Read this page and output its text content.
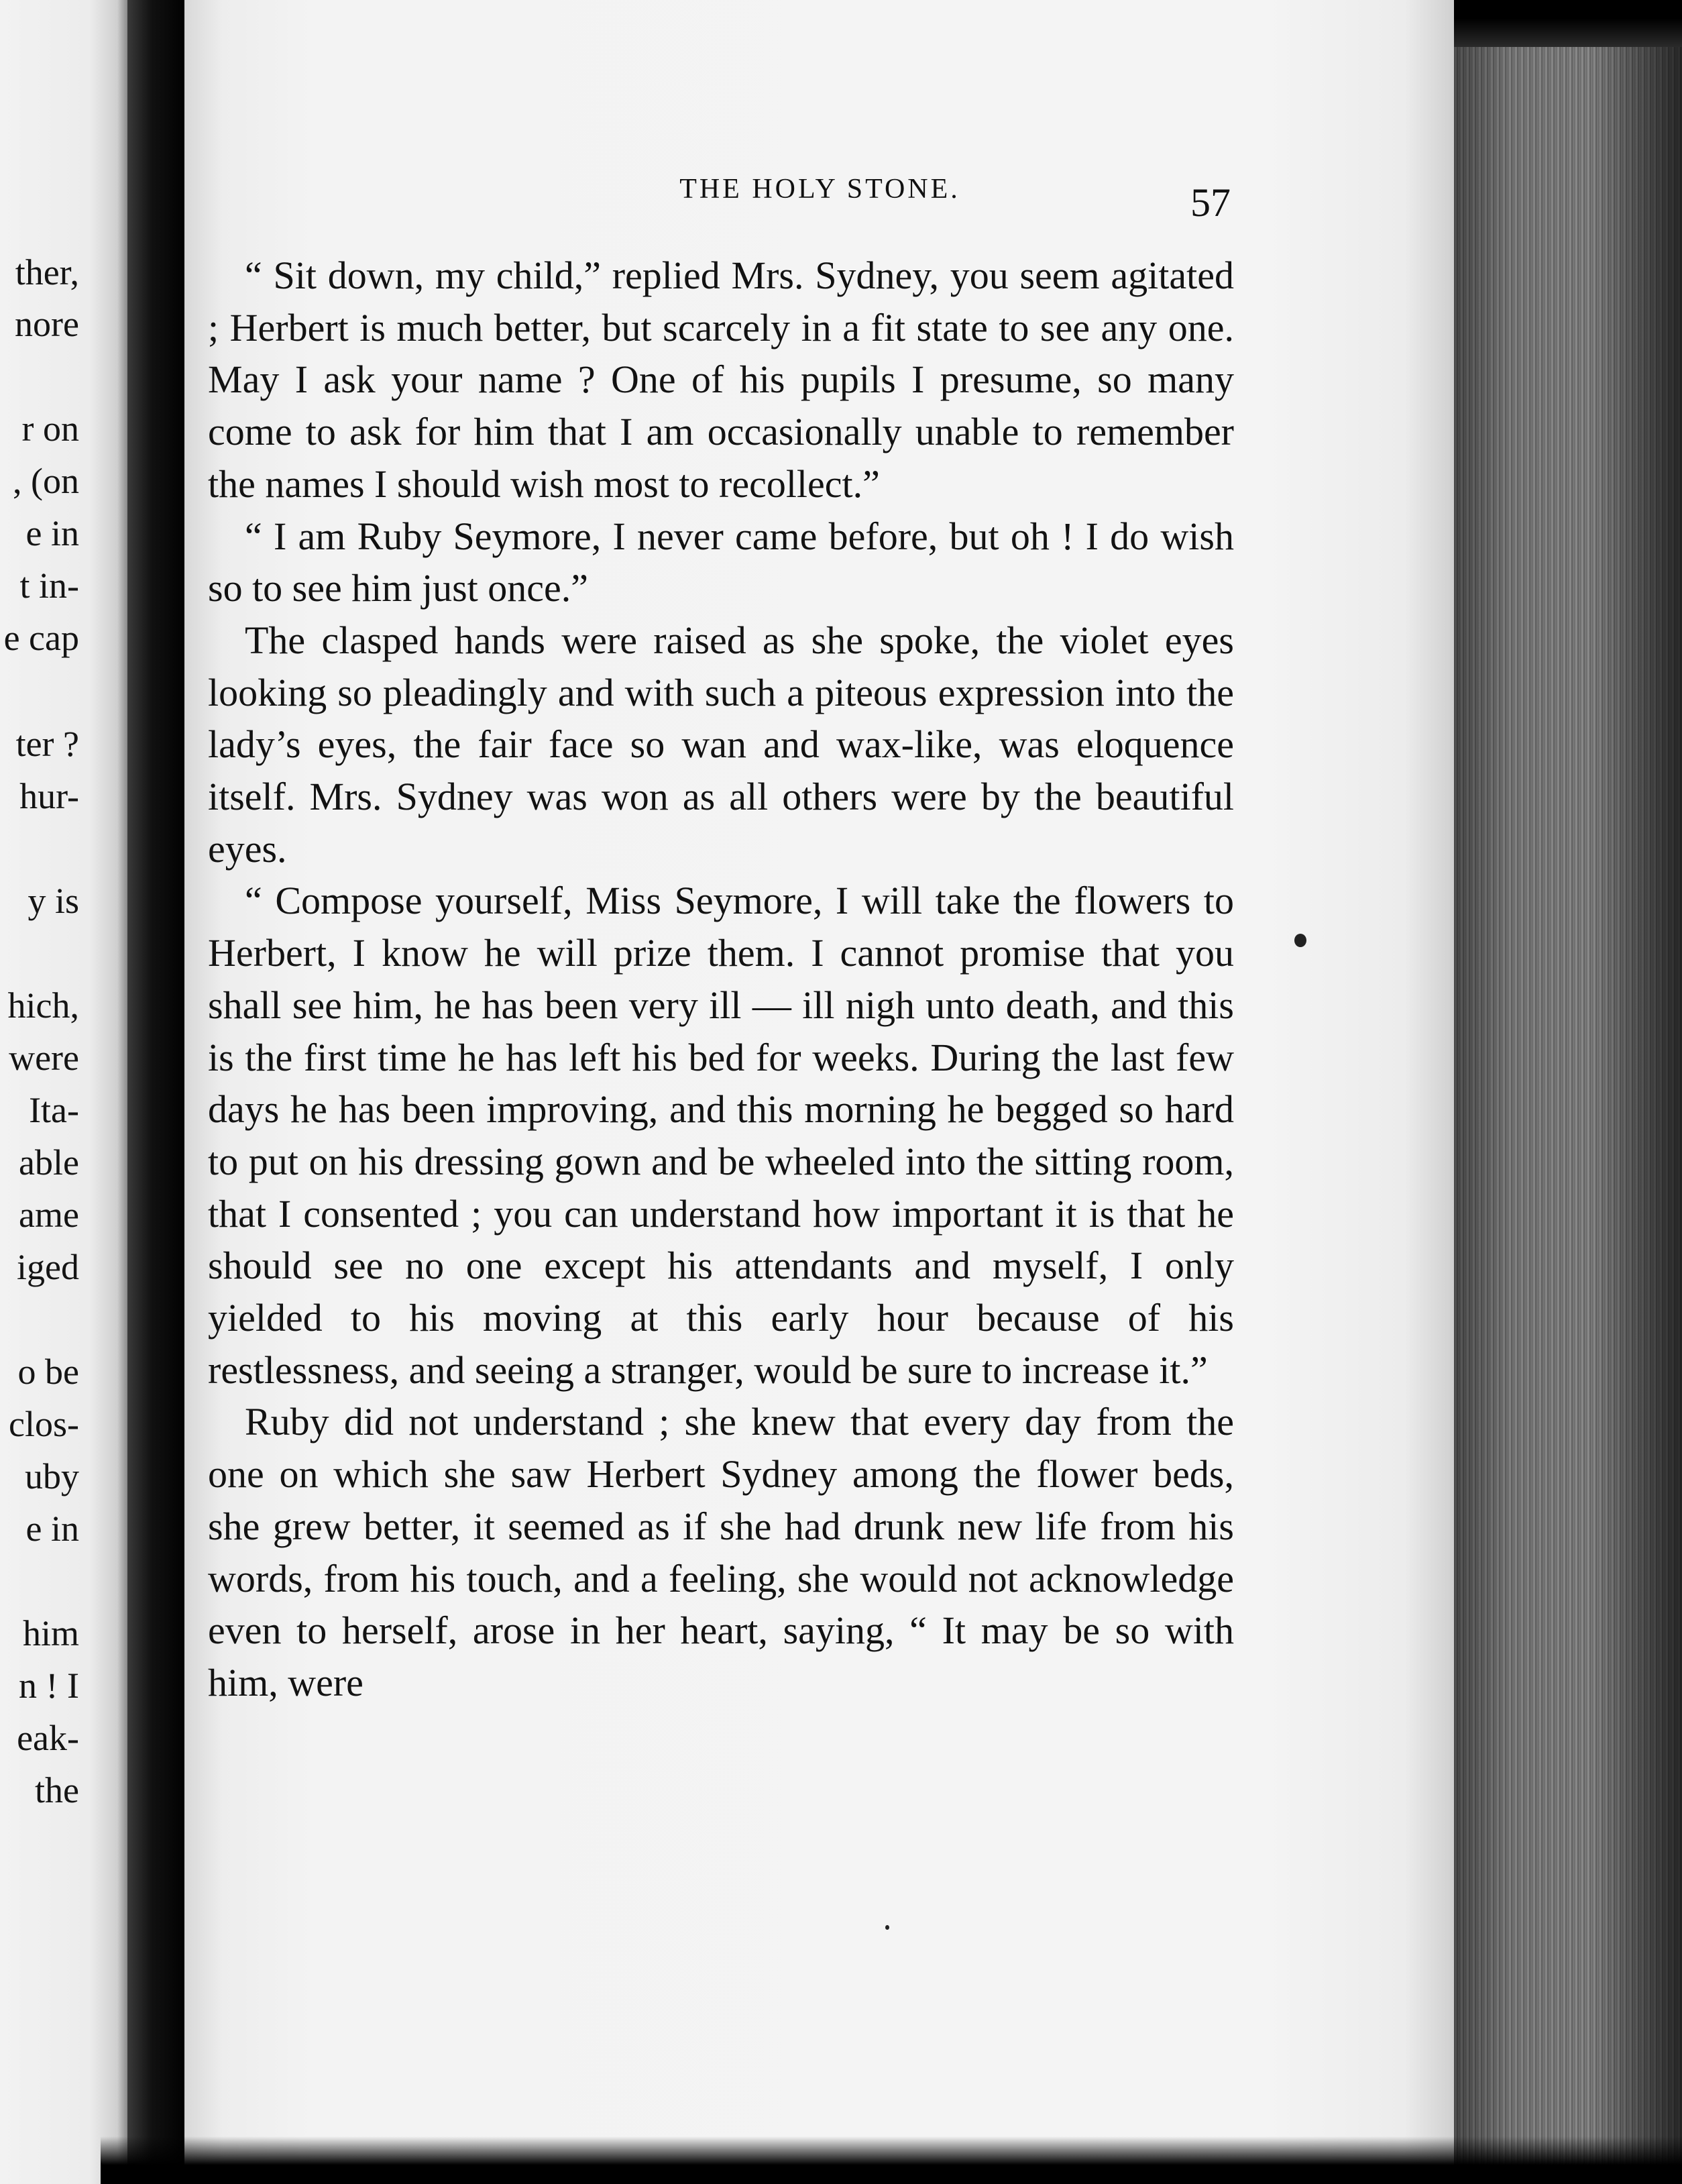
ther,
nore
r on
, (on
e in
t in-
e cap
ter ?
hur-
y is
hich,
were
Ita-
able
ame
iged
o be
clos-
uby
e in
him
n ! I
eak-
the
THE HOLY STONE.	57

“ Sit down, my child,” replied Mrs. Sydney, you seem agitated ; Herbert is much better, but scarcely in a fit state to see any one. May I ask your name ? One of his pupils I presume, so many come to ask for him that I am occasionally unable to remember the names I should wish most to recollect.”

“ I am Ruby Seymore, I never came before, but oh ! I do wish so to see him just once.”

The clasped hands were raised as she spoke, the violet eyes looking so pleadingly and with such a piteous expression into the lady’s eyes, the fair face so wan and wax-like, was eloquence itself. Mrs. Sydney was won as all others were by the beautiful eyes.

“ Compose yourself, Miss Seymore, I will take the flowers to Herbert, I know he will prize them. I cannot promise that you shall see him, he has been very ill — ill nigh unto death, and this is the first time he has left his bed for weeks. During the last few days he has been improving, and this morning he begged so hard to put on his dressing gown and be wheeled into the sitting room, that I consented ; you can understand how important it is that he should see no one except his attendants and myself, I only yielded to his moving at this early hour because of his restlessness, and seeing a stranger, would be sure to increase it.”

Ruby did not understand ; she knew that every day from the one on which she saw Herbert Sydney among the flower beds, she grew better, it seemed as if she had drunk new life from his words, from his touch, and a feeling, she would not acknowledge even to herself, arose in her heart, saying, “ It may be so with him, were
